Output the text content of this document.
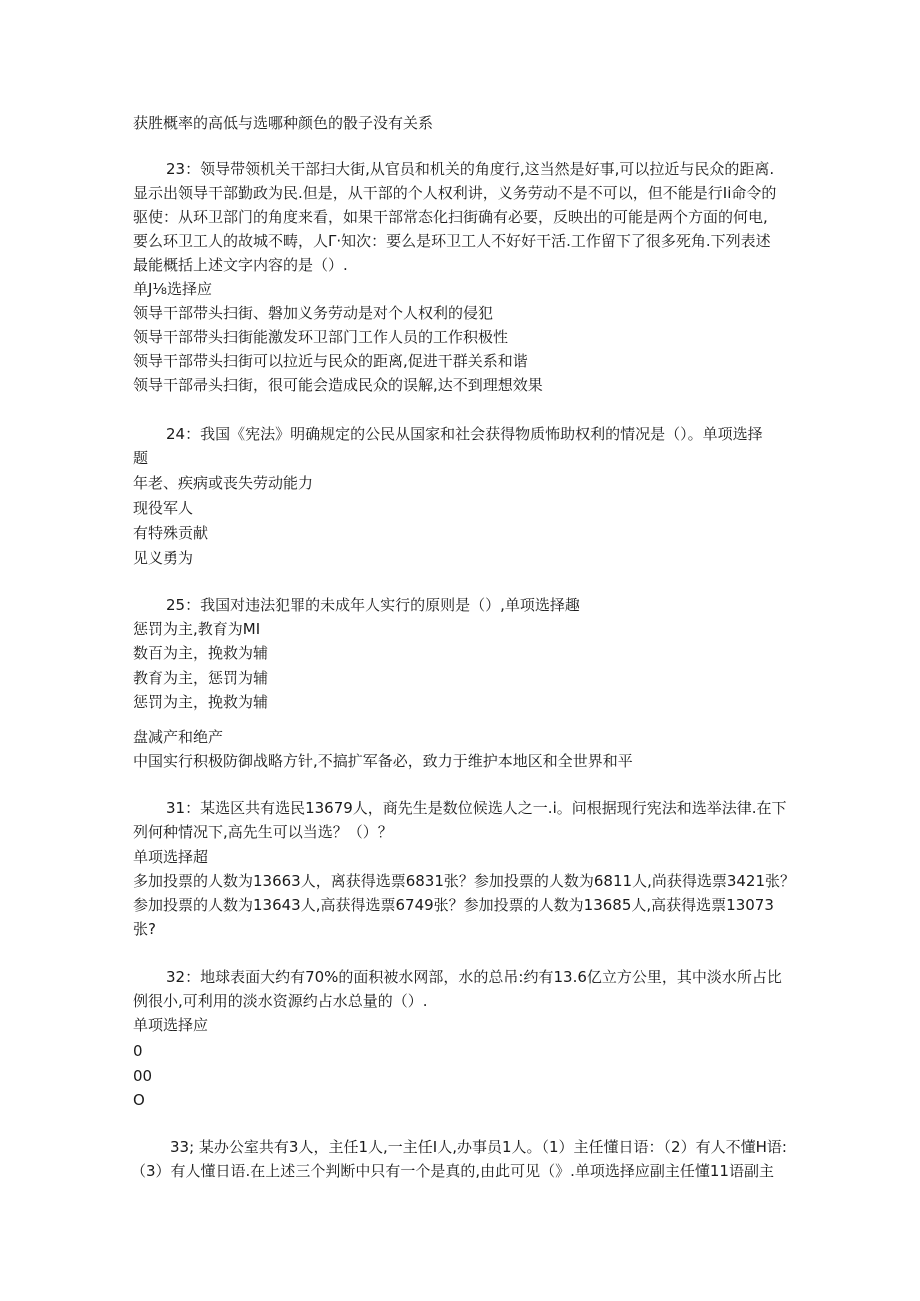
获胜概率的高低与选哪种颜色的骰子没有关系
23：领导带领机关干部扫大街,从官员和机关的角度行,这当然是好事,可以拉近与民众的距离.
显示出领导干部勤政为民.但是，从干部的个人权利讲，义务劳动不是不可以，但不能是行Ii命令的
驱使：从环卫部门的角度来看，如果干部常态化扫街确有必要，反映出的可能是两个方面的何电,
要么环卫工人的故城不畴，人Γ·知次：要么是环卫工人不好好干活.工作留下了很多死角.下列表述
最能概括上述文字内容的是（）.
单J⅛选择应
领导干部带头扫街、磐加义务劳动是对个人权利的侵犯
领导干部带头扫街能激发环卫部门工作人员的工作积极性
领导干部带头扫街可以拉近与民众的距离,促进干群关系和谐
领导干部帚头扫街，很可能会造成民众的误解,达不到理想效果
24：我国《宪法》明确规定的公民从国家和社会获得物质怖助权利的情况是（）。单项选择
题
年老、疾病或丧失劳动能力
现役军人
有特殊贡献
见义勇为
25：我国对违法犯罪的未成年人实行的原则是（）,单项选择趣
惩罚为主,教育为MI
数百为主，挽救为辅
教育为主，惩罚为辅
惩罚为主，挽救为辅
盘减产和绝产
中国实行积极防御战略方针,不搞扩军备必，致力于维护本地区和全世界和平
31：某选区共有选民13679人，商先生是数位候选人之一.i。问根据现行宪法和选举法律.在下
列何种情况下,高先生可以当选？（）？
单项选择超
多加投票的人数为13663人，离获得选票6831张？参加投票的人数为6811人,尚获得选票3421张？
参加投票的人数为13643人,高获得选票6749张？参加投票的人数为13685人,高获得选票13073
张?
32：地球表面大约有70%的面积被水网部，水的总吊:约有13.6亿立方公里，其中淡水所占比
例很小,可利用的淡水资源约占水总量的（）.
单项选择应
0
00
O
33; 某办公室共有3人，主任1人,一主任I人,办事员1人。（1）主任懂日语：（2）有人不懂H语:
（3）有人懂日语.在上述三个判断中只有一个是真的,由此可见（》.单项选择应副主任懂11语副主
